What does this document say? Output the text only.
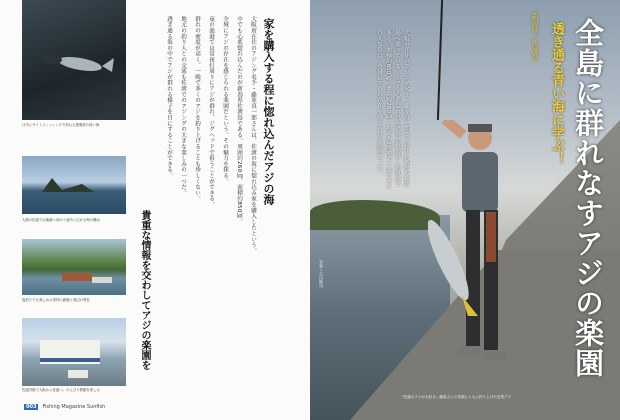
日中にサイトフィッシングで釣れる透明度の高い海
大漁の佐渡では漁港へ向かう途中に広がる海の眺め
夜釣りでも楽しめる湾内の漁港と周辺の景色
佐渡汽船で大阪から佐渡へ。のんびり移動を楽しむ
家を購入する程に惚れ込んだアジの海
貴重な情報を交わしてアジの楽園を
大阪府在住のアジング名手・藤原真一郎さんは、佐渡の海に惚れ込み家を購入したという。
中でも心底惚れ込んだのが新潟県佐渡島である。周囲約260㎞、面積約850㎢。
全域にアジの存在を感じられる楽園だという。その魅力を探る。
夜の漁港では常夜灯周りにアジが群れ、ジグヘッドで狙うことができる。
群れの密度が高く、一晩で多くのアジを釣り上げることも珍しくない。
地元の釣り人との交流も佐渡でのアジングの大きな楽しみの一つだ。
透き通る海の中でアジが群れる様子を目にすることができる。
003 Fishing Magazine Sunfish
新潟県／佐渡島 透き通る青い海に学ぶ！ 全島に群れなすアジの楽園
大阪府在住のアジング名手、藤原真一郎さんは年に何度も佐渡島へ通っている。中でも心底惚れ込んだのが新潟県・佐渡島である。面積約850㎢、周囲約260㎞。わずか2時間で一周できる巨大な島は、全域にアジの存在を感じられる楽園だった。
写真＝立川修司
『佐渡のアジが大好き』藤原さんの笑顔とともに釣り上げた良型アジ
